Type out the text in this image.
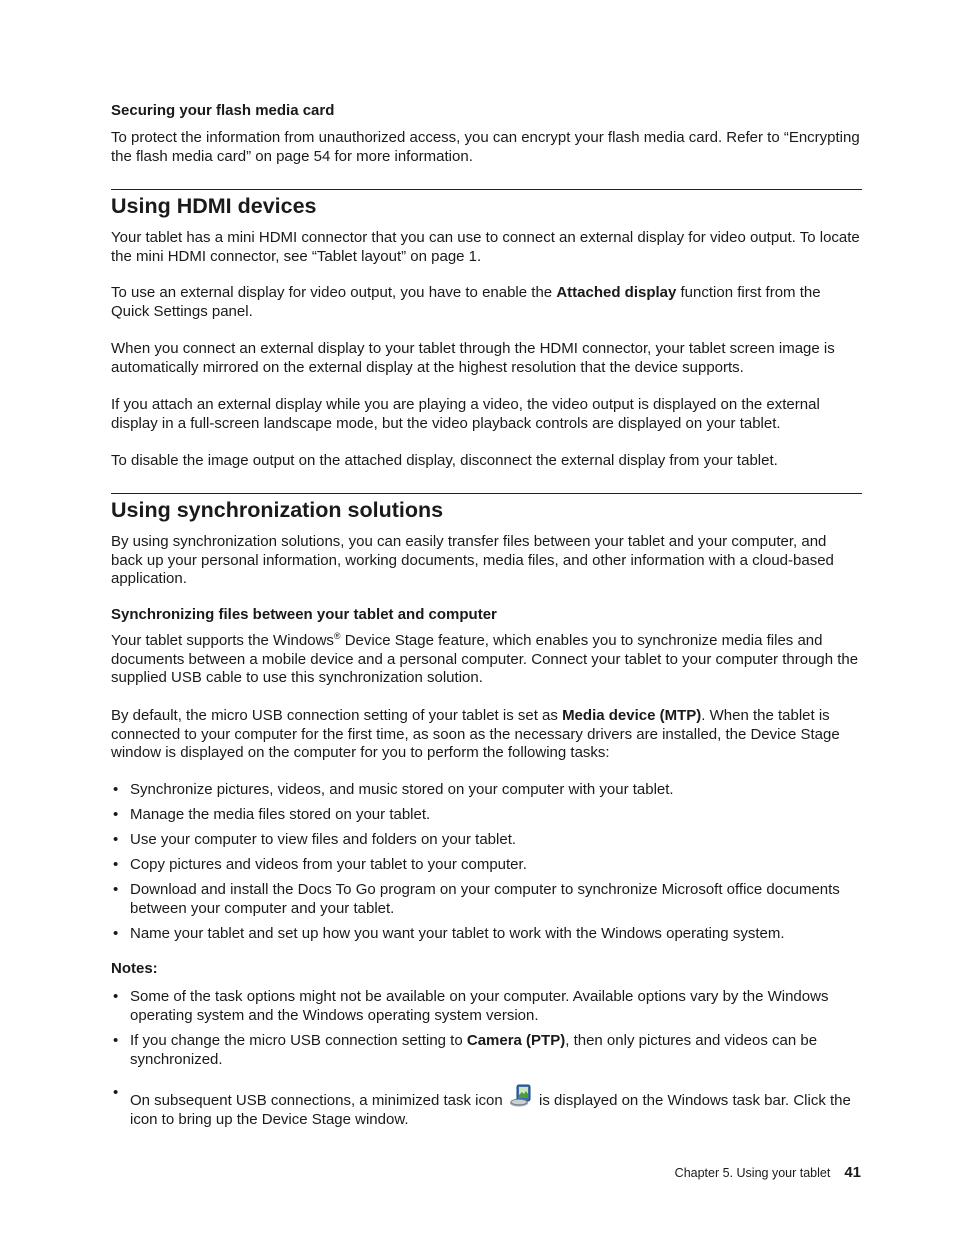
Securing your flash media card

To protect the information from unauthorized access, you can encrypt your flash media card. Refer to “Encrypting the flash media card” on page 54 for more information.

Using HDMI devices

Your tablet has a mini HDMI connector that you can use to connect an external display for video output. To locate the mini HDMI connector, see “Tablet layout” on page 1.

To use an external display for video output, you have to enable the Attached display function first from the Quick Settings panel.

When you connect an external display to your tablet through the HDMI connector, your tablet screen image is automatically mirrored on the external display at the highest resolution that the device supports.

If you attach an external display while you are playing a video, the video output is displayed on the external display in a full-screen landscape mode, but the video playback controls are displayed on your tablet.

To disable the image output on the attached display, disconnect the external display from your tablet.

Using synchronization solutions

By using synchronization solutions, you can easily transfer files between your tablet and your computer, and back up your personal information, working documents, media files, and other information with a cloud-based application.

Synchronizing files between your tablet and computer

Your tablet supports the Windows® Device Stage feature, which enables you to synchronize media files and documents between a mobile device and a personal computer. Connect your tablet to your computer through the supplied USB cable to use this synchronization solution.

By default, the micro USB connection setting of your tablet is set as Media device (MTP). When the tablet is connected to your computer for the first time, as soon as the necessary drivers are installed, the Device Stage window is displayed on the computer for you to perform the following tasks:

• Synchronize pictures, videos, and music stored on your computer with your tablet.
• Manage the media files stored on your tablet.
• Use your computer to view files and folders on your tablet.
• Copy pictures and videos from your tablet to your computer.
• Download and install the Docs To Go program on your computer to synchronize Microsoft office documents between your computer and your tablet.
• Name your tablet and set up how you want your tablet to work with the Windows operating system.
Notes:
• Some of the task options might not be available on your computer. Available options vary by the Windows operating system and the Windows operating system version.
• If you change the micro USB connection setting to Camera (PTP), then only pictures and videos can be synchronized.
• On subsequent USB connections, a minimized task icon  is displayed on the Windows task bar. Click the icon to bring up the Device Stage window.
Chapter 5. Using your tablet 41
